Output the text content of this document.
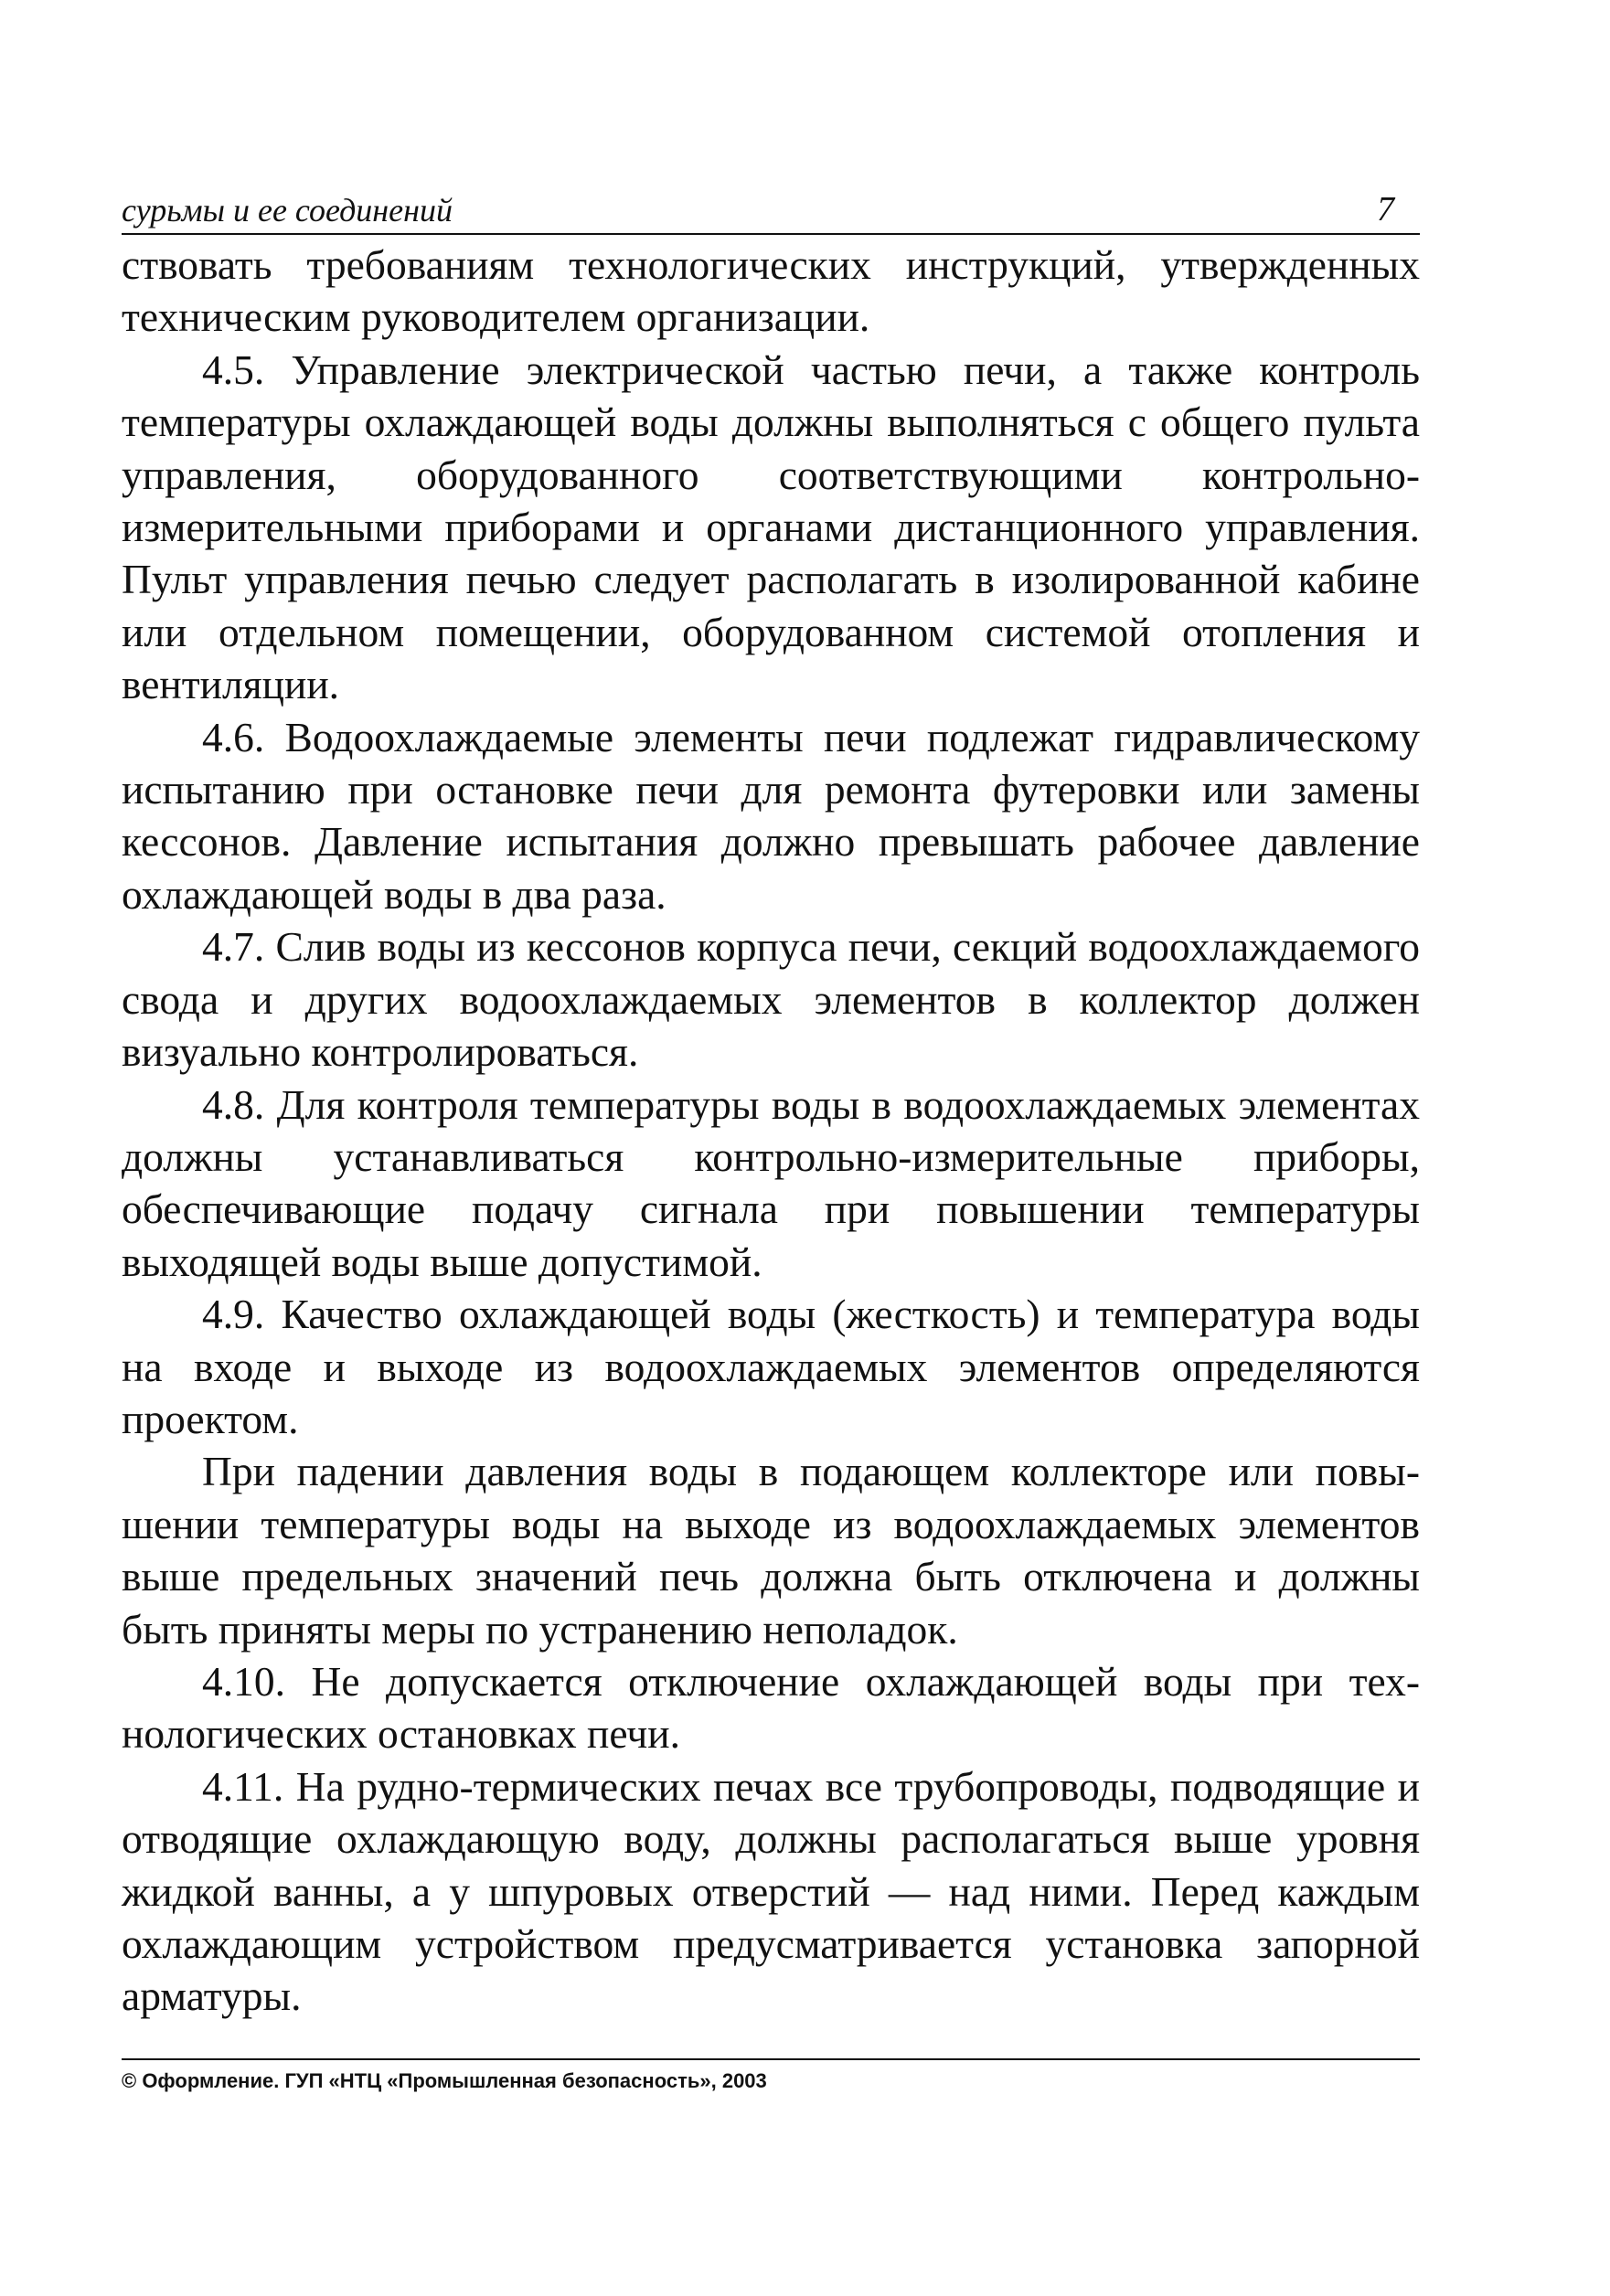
сурьмы и ее соединений	7

ствовать требованиям технологических инструкций, утвержденных техническим руководителем организации.

4.5. Управление электрической частью печи, а также контроль температуры охлаждающей воды должны выполняться с общего пульта управления, оборудованного соответствующими контрольно-измерительными приборами и органами дистанционного управления. Пульт управления печью следует располагать в изолированной кабине или отдельном помещении, оборудованном системой отопления и вентиляции.

4.6. Водоохлаждаемые элементы печи подлежат гидравлическому испытанию при остановке печи для ремонта футеровки или замены кессонов. Давление испытания должно превышать рабочее давление охлаждающей воды в два раза.

4.7. Слив воды из кессонов корпуса печи, секций водоохлаждаемого свода и других водоохлаждаемых элементов в коллектор должен визуально контролироваться.

4.8. Для контроля температуры воды в водоохлаждаемых элементах должны устанавливаться контрольно-измерительные приборы, обеспечивающие подачу сигнала при повышении температуры выходящей воды выше допустимой.

4.9. Качество охлаждающей воды (жесткость) и температура воды на входе и выходе из водоохлаждаемых элементов определяются проектом.

При падении давления воды в подающем коллекторе или повышении температуры воды на выходе из водоохлаждаемых элементов выше предельных значений печь должна быть отключена и должны быть приняты меры по устранению неполадок.

4.10. Не допускается отключение охлаждающей воды при технологических остановках печи.

4.11. На рудно-термических печах все трубопроводы, подводящие и отводящие охлаждающую воду, должны располагаться выше уровня жидкой ванны, а у шпуровых отверстий — над ними. Перед каждым охлаждающим устройством предусматривается установка запорной арматуры.

© Оформление. ГУП «НТЦ «Промышленная безопасность», 2003
